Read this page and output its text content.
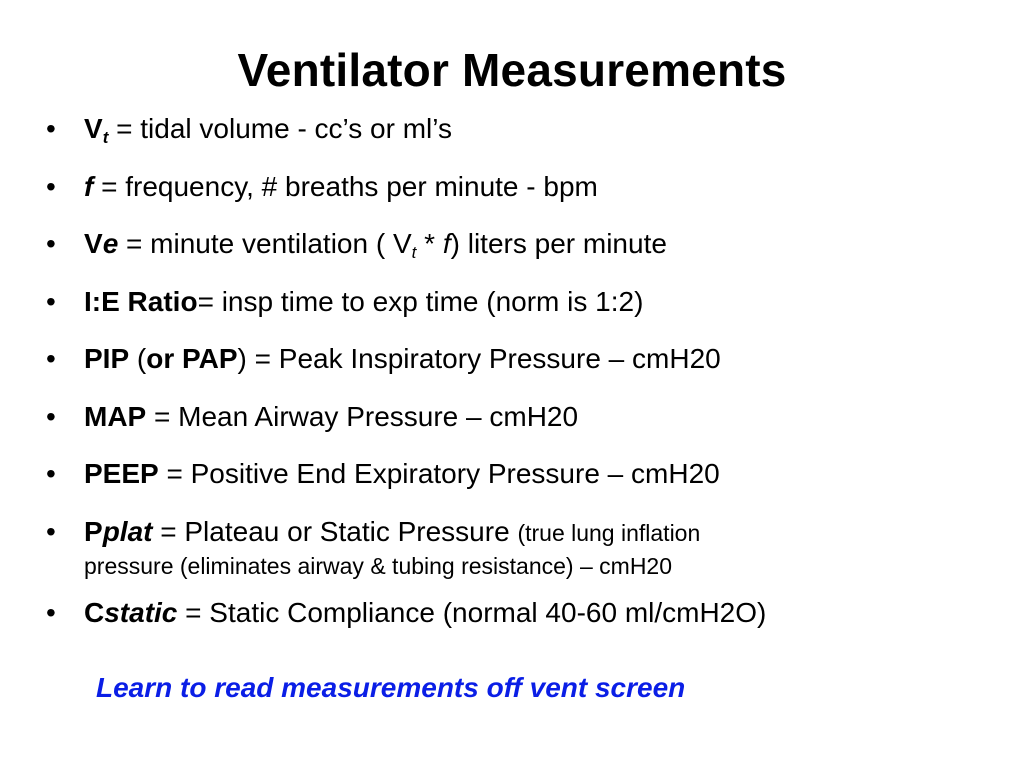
Ventilator Measurements
• $V_t$ = tidal volume - cc’s or ml’s
• f = frequency, # breaths per minute - bpm
• Ve = minute ventilation ( $V_t * f$) liters per minute
• I:E Ratio= insp time to exp time (norm is 1:2)
• PIP (or PAP) = Peak Inspiratory Pressure – cmH20
• MAP = Mean Airway Pressure – cmH20
• PEEP = Positive End Expiratory Pressure – cmH20
• Pplat = Plateau or Static Pressure (true lung inflation
pressure (eliminates airway & tubing resistance) – cmH20
• Cstatic = Static Compliance (normal 40-60 ml/cmH2O)
Learn to read measurements off vent screen
